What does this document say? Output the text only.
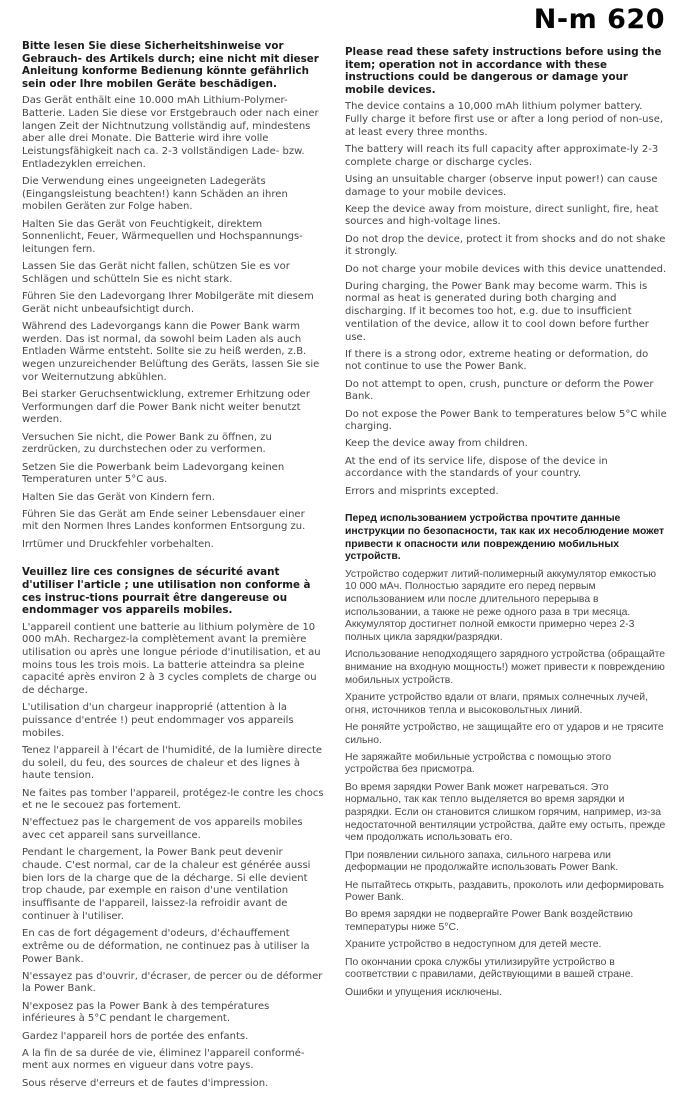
Bitte lesen Sie diese Sicherheitshinweise vor Gebrauch- des Artikels durch; eine nicht mit dieser Anleitung konforme Bedienung könnte gefährlich sein oder Ihre mobilen Geräte beschädigen.

Das Gerät enthält eine 10.000 mAh Lithium-Polymer-Batterie. Laden Sie diese vor Erstgebrauch oder nach einer langen Zeit der Nichtnutzung vollständig auf, mindestens aber alle drei Monate. Die Batterie wird ihre volle Leistungsfähigkeit nach ca. 2-3 vollständigen Lade- bzw. Entladezyklen erreichen.

Die Verwendung eines ungeeigneten Ladegeräts (Eingangsleistung beachten!) kann Schäden an ihren mobilen Geräten zur Folge haben.

Halten Sie das Gerät von Feuchtigkeit, direktem Sonnenlicht, Feuer, Wärmequellen und Hochspannungs-leitungen fern.

Lassen Sie das Gerät nicht fallen, schützen Sie es vor Schlägen und schütteln Sie es nicht stark.

Führen Sie den Ladevorgang Ihrer Mobilgeräte mit diesem Gerät nicht unbeaufsichtigt durch.

Während des Ladevorgangs kann die Power Bank warm werden. Das ist normal, da sowohl beim Laden als auch Entladen Wärme entsteht. Sollte sie zu heiß werden, z.B. wegen unzureichender Belüftung des Geräts, lassen Sie sie vor Weiternutzung abkühlen.

Bei starker Geruchsentwicklung, extremer Erhitzung oder Verformungen darf die Power Bank nicht weiter benutzt werden.

Versuchen Sie nicht, die Power Bank zu öffnen, zu zerdrücken, zu durchstechen oder zu verformen.

Setzen Sie die Powerbank beim Ladevorgang keinen Temperaturen unter 5°C aus.

Halten Sie das Gerät von Kindern fern.

Führen Sie das Gerät am Ende seiner Lebensdauer einer mit den Normen Ihres Landes konformen Entsorgung zu.

Irrtümer und Druckfehler vorbehalten.

Veuillez lire ces consignes de sécurité avant d'utiliser l'article ; une utilisation non conforme à ces instruc-tions pourrait être dangereuse ou endommager vos appareils mobiles.

L'appareil contient une batterie au lithium polymère de 10 000 mAh. Rechargez-la complètement avant la première utilisation ou après une longue période d'inutilisation, et au moins tous les trois mois. La batterie atteindra sa pleine capacité après environ 2 à 3 cycles complets de charge ou de décharge.

L'utilisation d'un chargeur inapproprié (attention à la puissance d'entrée !) peut endommager vos appareils mobiles.

Tenez l'appareil à l'écart de l'humidité, de la lumière directe du soleil, du feu, des sources de chaleur et des lignes à haute tension.

Ne faites pas tomber l'appareil, protégez-le contre les chocs et ne le secouez pas fortement.

N'effectuez pas le chargement de vos appareils mobiles avec cet appareil sans surveillance.

Pendant le chargement, la Power Bank peut devenir chaude. C'est normal, car de la chaleur est générée aussi bien lors de la charge que de la décharge. Si elle devient trop chaude, par exemple en raison d'une ventilation insuffisante de l'appareil, laissez-la refroidir avant de continuer à l'utiliser.

En cas de fort dégagement d'odeurs, d'échauffement extrême ou de déformation, ne continuez pas à utiliser la Power Bank.

N'essayez pas d'ouvrir, d'écraser, de percer ou de déformer la Power Bank.

N'exposez pas la Power Bank à des températures inférieures à 5°C pendant le chargement.

Gardez l'appareil hors de portée des enfants.

A la fin de sa durée de vie, éliminez l'appareil conformé-ment aux normes en vigueur dans votre pays.

Sous réserve d'erreurs et de fautes d'impression.

N-m 620

Please read these safety instructions before using the item; operation not in accordance with these instructions could be dangerous or damage your mobile devices.

The device contains a 10,000 mAh lithium polymer battery. Fully charge it before first use or after a long period of non-use, at least every three months.

The battery will reach its full capacity after approximate-ly 2-3 complete charge or discharge cycles.

Using an unsuitable charger (observe input power!) can cause damage to your mobile devices.

Keep the device away from moisture, direct sunlight, fire, heat sources and high-voltage lines.

Do not drop the device, protect it from shocks and do not shake it strongly.

Do not charge your mobile devices with this device unattended.

During charging, the Power Bank may become warm. This is normal as heat is generated during both charging and discharging. If it becomes too hot, e.g. due to insufficient ventilation of the device, allow it to cool down before further use.

If there is a strong odor, extreme heating or deformation, do not continue to use the Power Bank.

Do not attempt to open, crush, puncture or deform the Power Bank.

Do not expose the Power Bank to temperatures below 5°C while charging.

Keep the device away from children.

At the end of its service life, dispose of the device in accordance with the standards of your country.

Errors and misprints excepted.

Перед использованием устройства прочтите данные инструкции по безопасности, так как их несоблюдение может привести к опасности или повреждению мобильных устройств.

Устройство содержит литий-полимерный аккумулятор емкостью 10 000 мАч. Полностью зарядите его перед первым использованием или после длительного перерыва в использовании, а также не реже одного раза в три месяца. Аккумулятор достигнет полной емкости примерно через 2-3 полных цикла зарядки/разрядки.

Использование неподходящего зарядного устройства (обращайте внимание на входную мощность!) может привести к повреждению мобильных устройств.

Храните устройство вдали от влаги, прямых солнечных лучей, огня, источников тепла и высоковольтных линий.

Не роняйте устройство, не защищайте его от ударов и не трясите сильно.

Не заряжайте мобильные устройства с помощью этого устройства без присмотра.

Во время зарядки Power Bank может нагреваться. Это нормально, так как тепло выделяется во время зарядки и разрядки. Если он становится слишком горячим, например, из-за недостаточной вентиляции устройства, дайте ему остыть, прежде чем продолжать использовать его.

При появлении сильного запаха, сильного нагрева или деформации не продолжайте использовать Power Bank.

Не пытайтесь открыть, раздавить, проколоть или деформировать Power Bank.

Во время зарядки не подвергайте Power Bank воздействию температуры ниже 5°C.

Храните устройство в недоступном для детей месте.

По окончании срока службы утилизируйте устройство в соответствии с правилами, действующими в вашей стране.

Ошибки и упущения исключены.
